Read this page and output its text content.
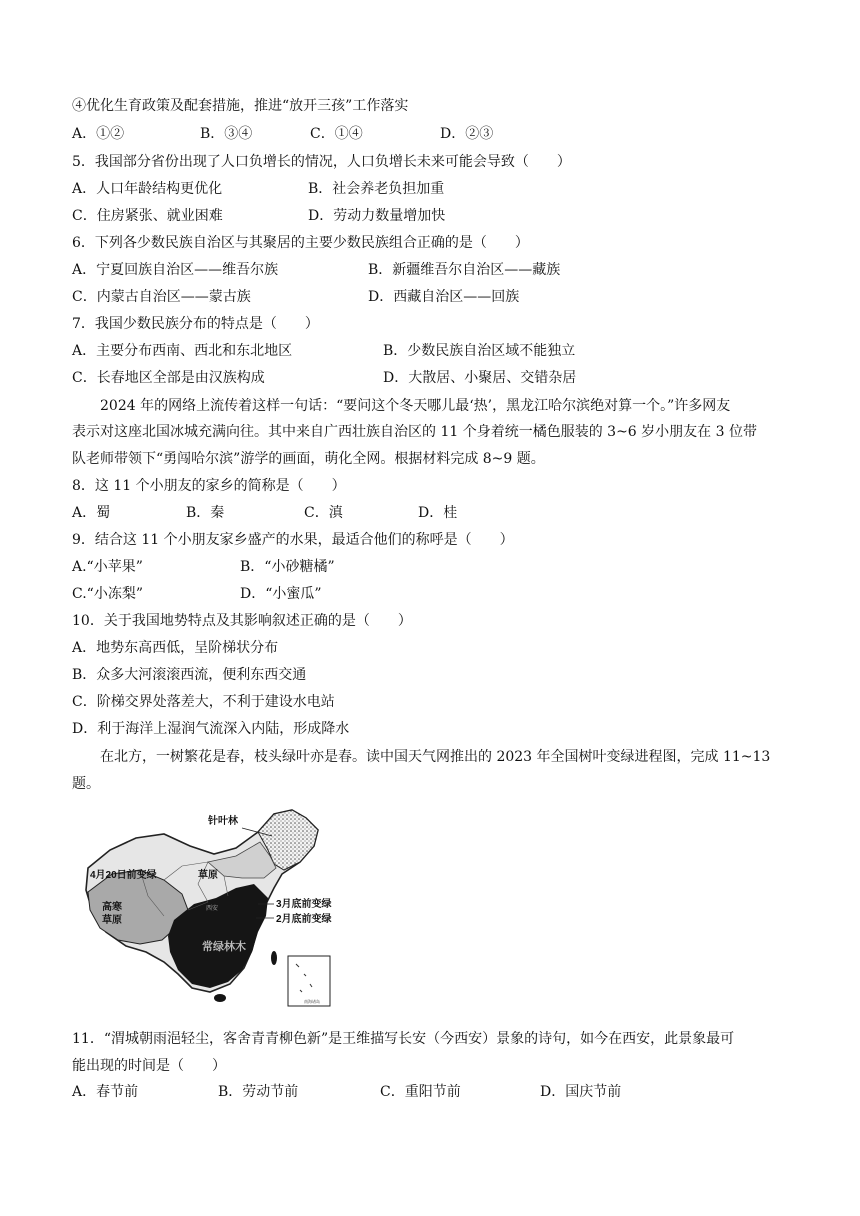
④优化生育政策及配套措施，推进“放开三孩”工作落实
A．①②	B．③④	C．①④	D．②③
5．我国部分省份出现了人口负增长的情况，人口负增长未来可能会导致（　　）
A．人口年龄结构更优化	B．社会养老负担加重
C．住房紧张、就业困难	D．劳动力数量增加快
6．下列各少数民族自治区与其聚居的主要少数民族组合正确的是（　　）
A．宁夏回族自治区——维吾尔族	B．新疆维吾尔自治区——藏族
C．内蒙古自治区——蒙古族	D．西藏自治区——回族
7．我国少数民族分布的特点是（　　）
A．主要分布西南、西北和东北地区	B．少数民族自治区域不能独立
C．长春地区全部是由汉族构成	D．大散居、小聚居、交错杂居
2024 年的网络上流传着这样一句话：“要问这个冬天哪儿最‘热’，黑龙江哈尔滨绝对算一个。”许多网友
表示对这座北国冰城充满向往。其中来自广西壮族自治区的 11 个身着统一橘色服装的 3~6 岁小朋友在 3 位带
队老师带领下“勇闯哈尔滨”游学的画面，萌化全网。根据材料完成 8~9 题。
8．这 11 个小朋友的家乡的简称是（　　）
A．蜀	B．秦	C．滇	D．桂
9．结合这 11 个小朋友家乡盛产的水果，最适合他们的称呼是（　　）
A.“小苹果”	B．“小砂糖橘”
C.“小冻梨”	D．“小蜜瓜”
10．关于我国地势特点及其影响叙述正确的是（　　）
A．地势东高西低，呈阶梯状分布
B．众多大河滚滚西流，便利东西交通
C．阶梯交界处落差大，不利于建设水电站
D．利于海洋上湿润气流深入内陆，形成降水
在北方，一树繁花是春，枝头绿叶亦是春。读中国天气网推出的 2023 年全国树叶变绿进程图，完成 11~13
题。
针叶林
草原
4月20日前变绿
高寒
草原
西安	3月底前变绿
2月底前变绿
常绿林木
南海诸岛
11．“渭城朝雨浥轻尘，客舍青青柳色新”是王维描写长安（今西安）景象的诗句，如今在西安，此景象最可
能出现的时间是（　　）
A．春节前	B．劳动节前	C．重阳节前	D．国庆节前
